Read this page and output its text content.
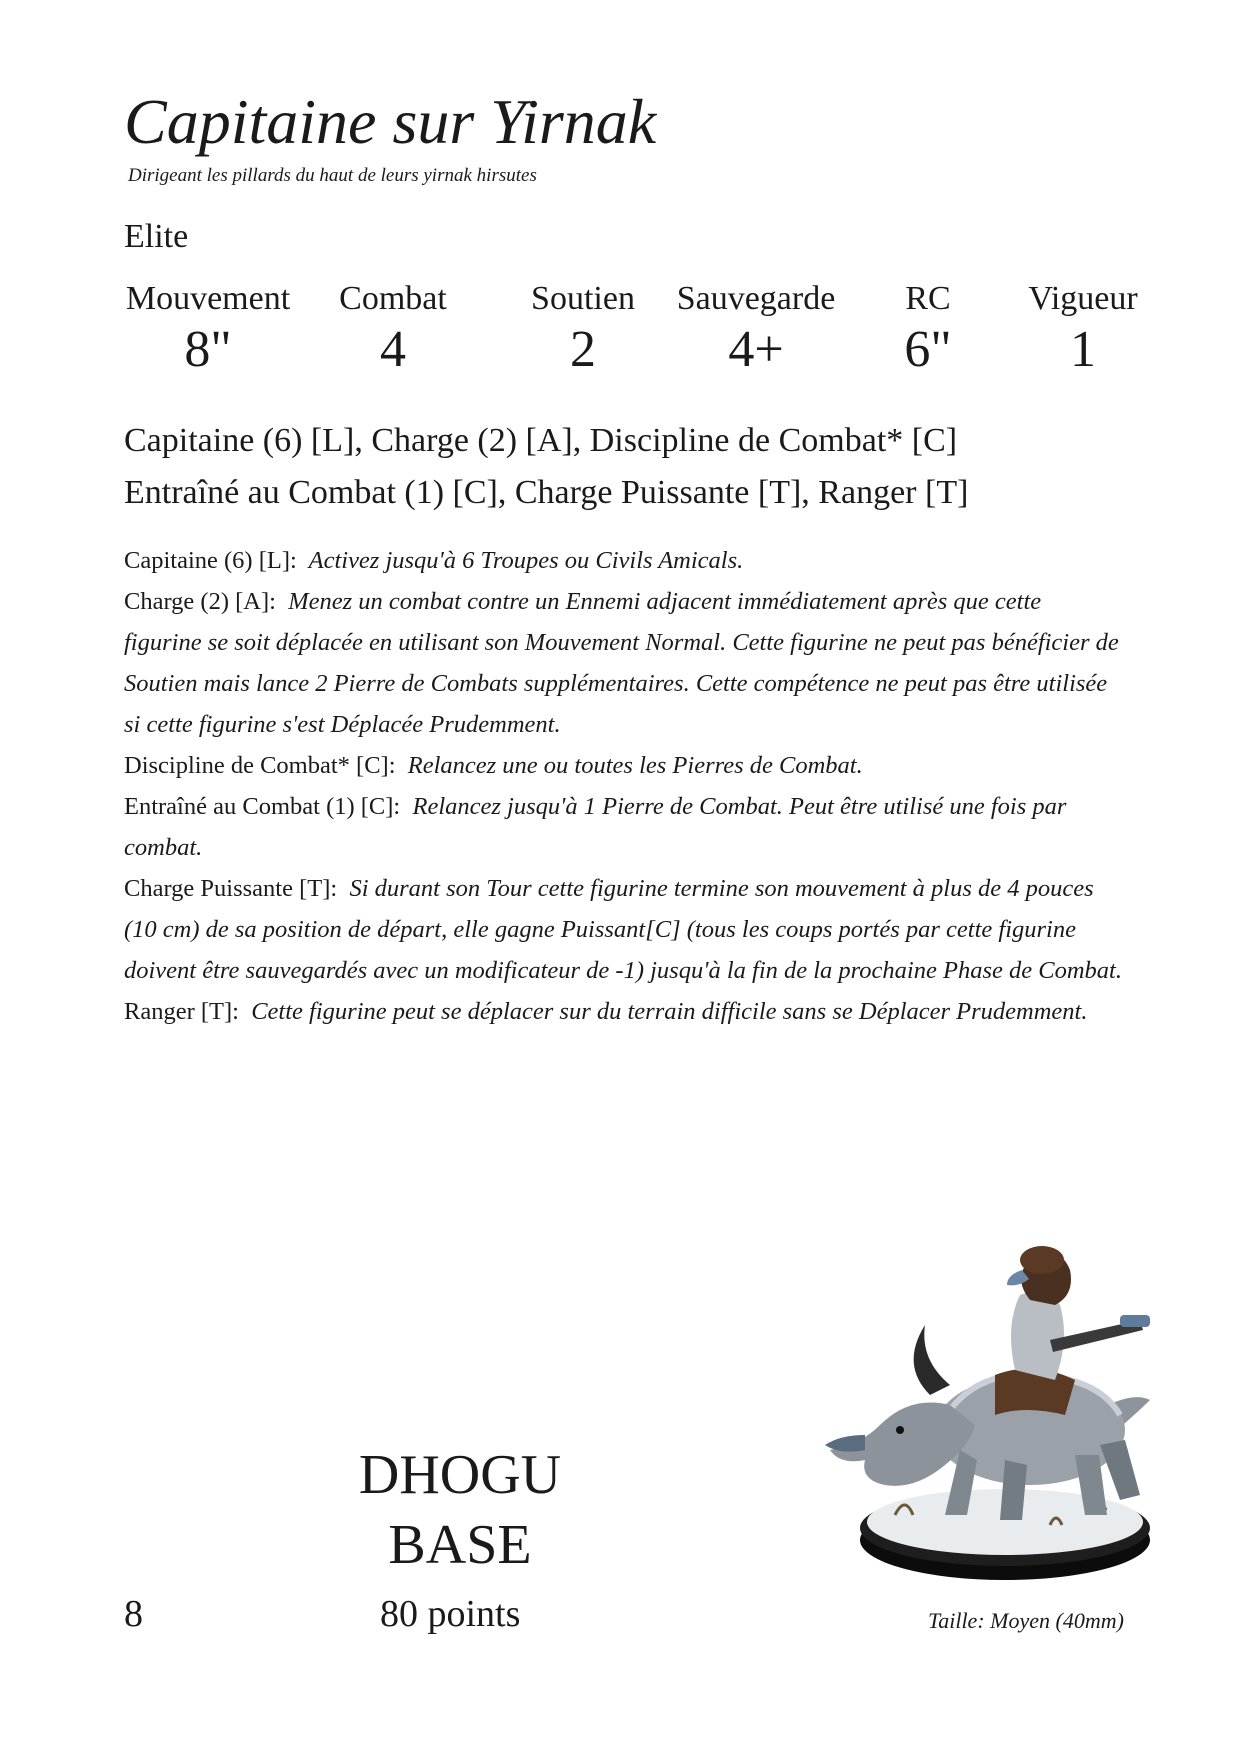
Capitaine sur Yirnak
Dirigeant les pillards du haut de leurs yirnak hirsutes
Elite
Mouvement
8"
Combat
4
Soutien
2
Sauvegarde
4+
RC
6"
Vigueur
1
Capitaine (6) [L], Charge (2) [A], Discipline de Combat* [C]
Entraîné au Combat (1) [C], Charge Puissante [T], Ranger [T]

Capitaine (6) [L]: Activez jusqu'à 6 Troupes ou Civils Amicals.

Charge (2) [A]: Menez un combat contre un Ennemi adjacent immédiatement après que cette figurine se soit déplacée en utilisant son Mouvement Normal. Cette figurine ne peut pas bénéficier de Soutien mais lance 2 Pierre de Combats supplémentaires. Cette compétence ne peut pas être utilisée si cette figurine s'est Déplacée Prudemment.

Discipline de Combat* [C]: Relancez une ou toutes les Pierres de Combat.

Entraîné au Combat (1) [C]: Relancez jusqu'à 1 Pierre de Combat. Peut être utilisé une fois par combat.

Charge Puissante [T]: Si durant son Tour cette figurine termine son mouvement à plus de 4 pouces (10 cm) de sa position de départ, elle gagne Puissant[C] (tous les coups portés par cette figurine doivent être sauvegardés avec un modificateur de -1) jusqu'à la fin de la prochaine Phase de Combat.

Ranger [T]: Cette figurine peut se déplacer sur du terrain difficile sans se Déplacer Prudemment.

DHOGU
BASE
8	80 points	Taille: Moyen (40mm)
